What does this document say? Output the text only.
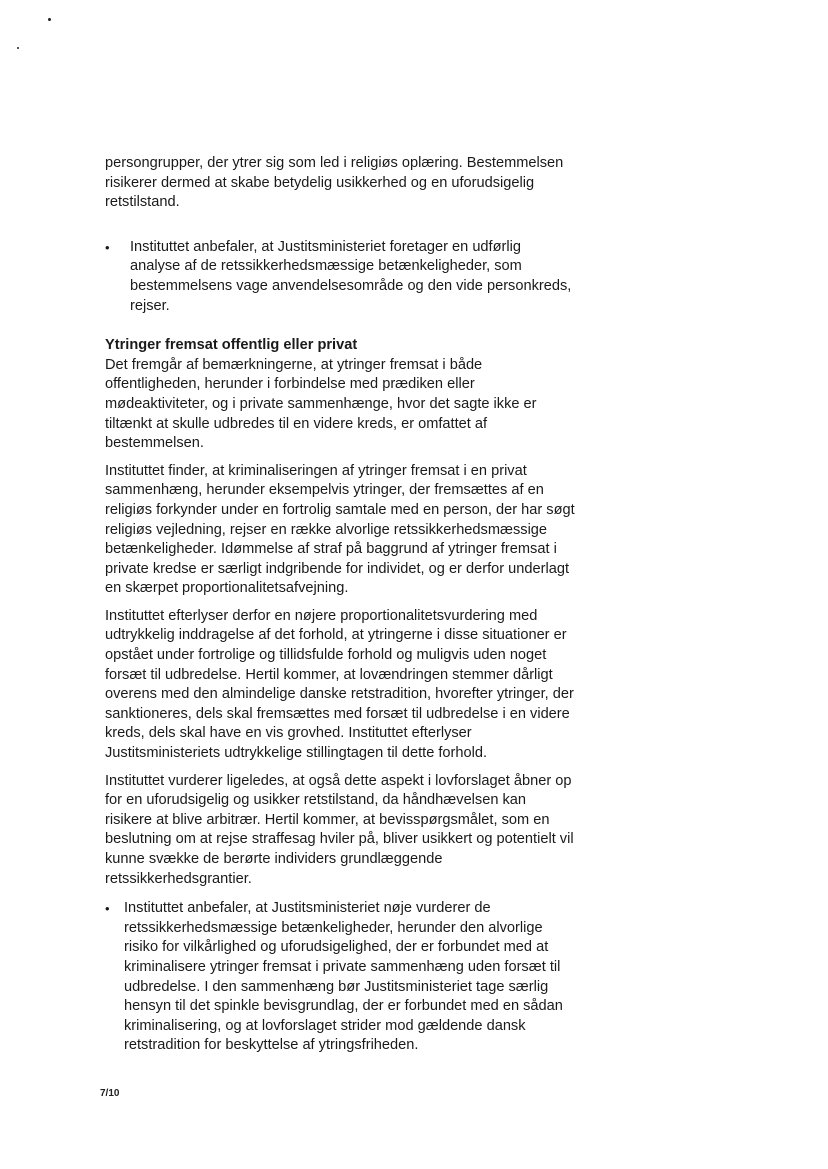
persongrupper, der ytrer sig som led i religiøs oplæring. Bestemmelsen risikerer dermed at skabe betydelig usikkerhed og en uforudsigelig retstilstand.

• Instituttet anbefaler, at Justitsministeriet foretager en udførlig analyse af de retssikkerhedsmæssige betænkeligheder, som bestemmelsens vage anvendelsesområde og den vide personkreds, rejser.

Ytringer fremsat offentlig eller privat

Det fremgår af bemærkningerne, at ytringer fremsat i både offentligheden, herunder i forbindelse med prædiken eller mødeaktiviteter, og i private sammenhænge, hvor det sagte ikke er tiltænkt at skulle udbredes til en videre kreds, er omfattet af bestemmelsen.

Instituttet finder, at kriminaliseringen af ytringer fremsat i en privat sammenhæng, herunder eksempelvis ytringer, der fremsættes af en religiøs forkynder under en fortrolig samtale med en person, der har søgt religiøs vejledning, rejser en række alvorlige retssikkerhedsmæssige betænkeligheder. Idømmelse af straf på baggrund af ytringer fremsat i private kredse er særligt indgribende for individet, og er derfor underlagt en skærpet proportionalitetsafvejning.

Instituttet efterlyser derfor en nøjere proportionalitetsvurdering med udtrykkelig inddragelse af det forhold, at ytringerne i disse situationer er opstået under fortrolige og tillidsfulde forhold og muligvis uden noget forsæt til udbredelse. Hertil kommer, at lovændringen stemmer dårligt overens med den almindelige danske retstradition, hvorefter ytringer, der sanktioneres, dels skal fremsættes med forsæt til udbredelse i en videre kreds, dels skal have en vis grovhed. Instituttet efterlyser Justitsministeriets udtrykkelige stillingtagen til dette forhold.

Instituttet vurderer ligeledes, at også dette aspekt i lovforslaget åbner op for en uforudsigelig og usikker retstilstand, da håndhævelsen kan risikere at blive arbitrær. Hertil kommer, at bevisspørgsmålet, som en beslutning om at rejse straffesag hviler på, bliver usikkert og potentielt vil kunne svække de berørte individers grundlæggende retssikkerhedsgrantier.

• Instituttet anbefaler, at Justitsministeriet nøje vurderer de retssikkerhedsmæssige betænkeligheder, herunder den alvorlige risiko for vilkårlighed og uforudsigelighed, der er forbundet med at kriminalisere ytringer fremsat i private sammenhæng uden forsæt til udbredelse. I den sammenhæng bør Justitsministeriet tage særlig hensyn til det spinkle bevisgrundlag, der er forbundet med en sådan kriminalisering, og at lovforslaget strider mod gældende dansk retstradition for beskyttelse af ytringsfriheden.
7/10
